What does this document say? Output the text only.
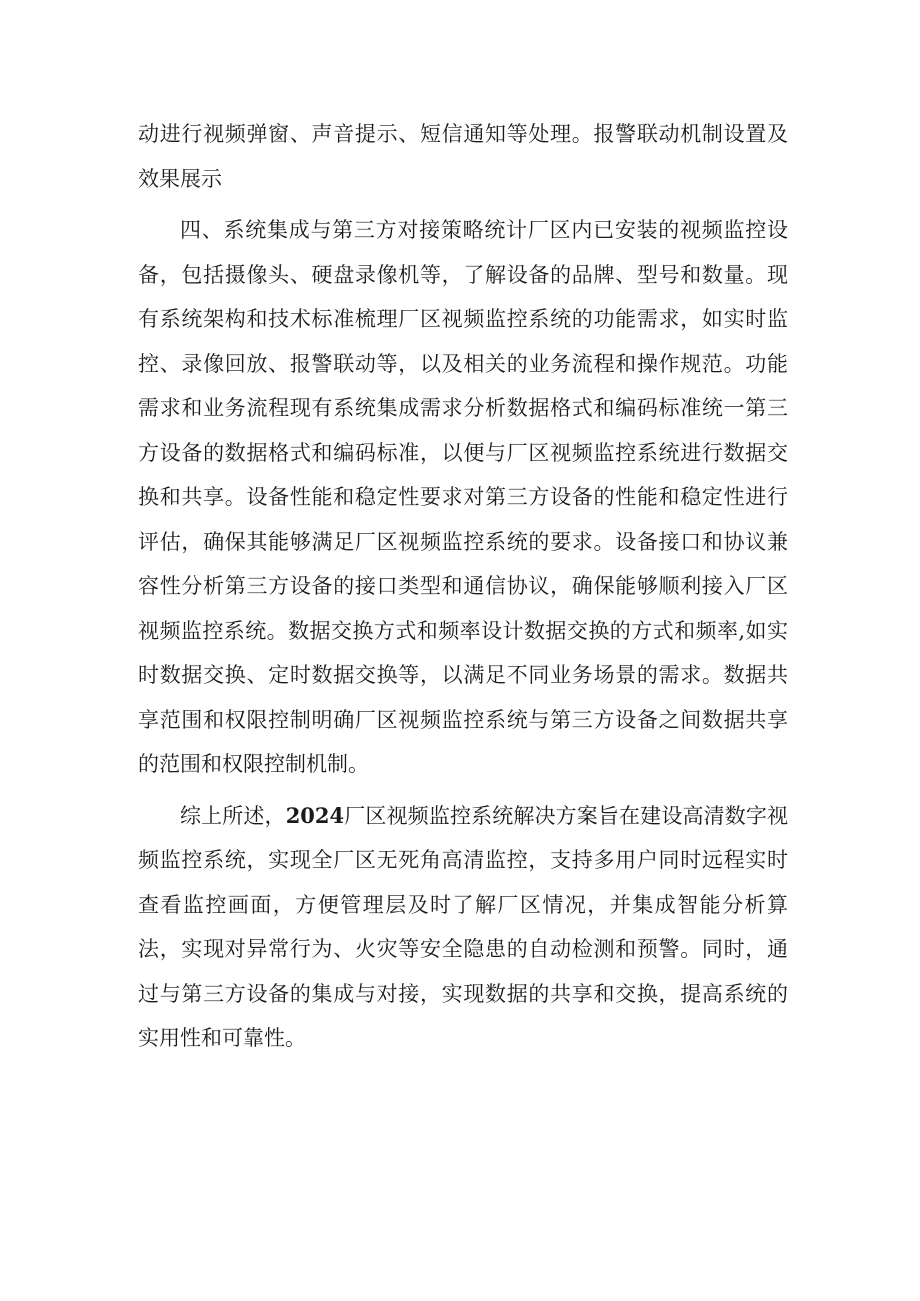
动进行视频弹窗、声音提示、短信通知等处理。报警联动机制设置及效果展示

四、系统集成与第三方对接策略统计厂区内已安装的视频监控设备，包括摄像头、硬盘录像机等，了解设备的品牌、型号和数量。现有系统架构和技术标准梳理厂区视频监控系统的功能需求，如实时监控、录像回放、报警联动等，以及相关的业务流程和操作规范。功能需求和业务流程现有系统集成需求分析数据格式和编码标准统一第三方设备的数据格式和编码标准，以便与厂区视频监控系统进行数据交换和共享。设备性能和稳定性要求对第三方设备的性能和稳定性进行评估，确保其能够满足厂区视频监控系统的要求。设备接口和协议兼容性分析第三方设备的接口类型和通信协议，确保能够顺利接入厂区视频监控系统。数据交换方式和频率设计数据交换的方式和频率,如实时数据交换、定时数据交换等，以满足不同业务场景的需求。数据共享范围和权限控制明确厂区视频监控系统与第三方设备之间数据共享的范围和权限控制机制。

综上所述，2024厂区视频监控系统解决方案旨在建设高清数字视频监控系统，实现全厂区无死角高清监控，支持多用户同时远程实时查看监控画面，方便管理层及时了解厂区情况，并集成智能分析算法，实现对异常行为、火灾等安全隐患的自动检测和预警。同时，通过与第三方设备的集成与对接，实现数据的共享和交换，提高系统的实用性和可靠性。
